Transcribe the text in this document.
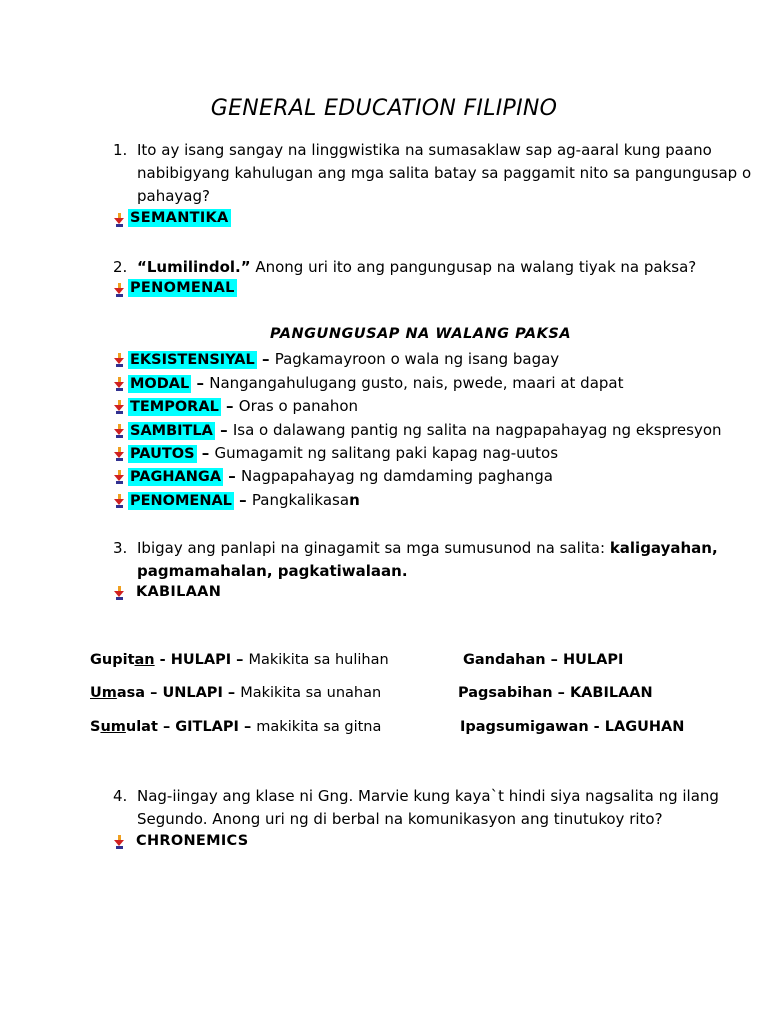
GENERAL EDUCATION FILIPINO
1. Ito ay isang sangay na linggwistika na sumasaklaw sap ag-aaral kung paano
nabibigyang kahulugan ang mga salita batay sa paggamit nito sa pangungusap o
pahayag?
SEMANTIKA
2. “Lumilindol.” Anong uri ito ang pangungusap na walang tiyak na paksa?
PENOMENAL
PANGUNGUSAP NA WALANG PAKSA
EKSISTENSIYAL – Pagkamayroon o wala ng isang bagay
MODAL – Nangangahulugang gusto, nais, pwede, maari at dapat
TEMPORAL – Oras o panahon
SAMBITLA – Isa o dalawang pantig ng salita na nagpapahayag ng ekspresyon
PAUTOS – Gumagamit ng salitang paki kapag nag-uutos
PAGHANGA – Nagpapahayag ng damdaming paghanga
PENOMENAL – Pangkalikasan
3. Ibigay ang panlapi na ginagamit sa mga sumusunod na salita: kaligayahan,
pagmamahalan, pagkatiwalaan.
KABILAAN
Gupitan - HULAPI – Makikita sa hulihan
Umasa – UNLAPI – Makikita sa unahan
Sumulat – GITLAPI – makikita sa gitna
Gandahan – HULAPI
Pagsabihan – KABILAAN
Ipagsumigawan - LAGUHAN
4. Nag-iingay ang klase ni Gng. Marvie kung kaya`t hindi siya nagsalita ng ilang
Segundo. Anong uri ng di berbal na komunikasyon ang tinutukoy rito?
CHRONEMICS
